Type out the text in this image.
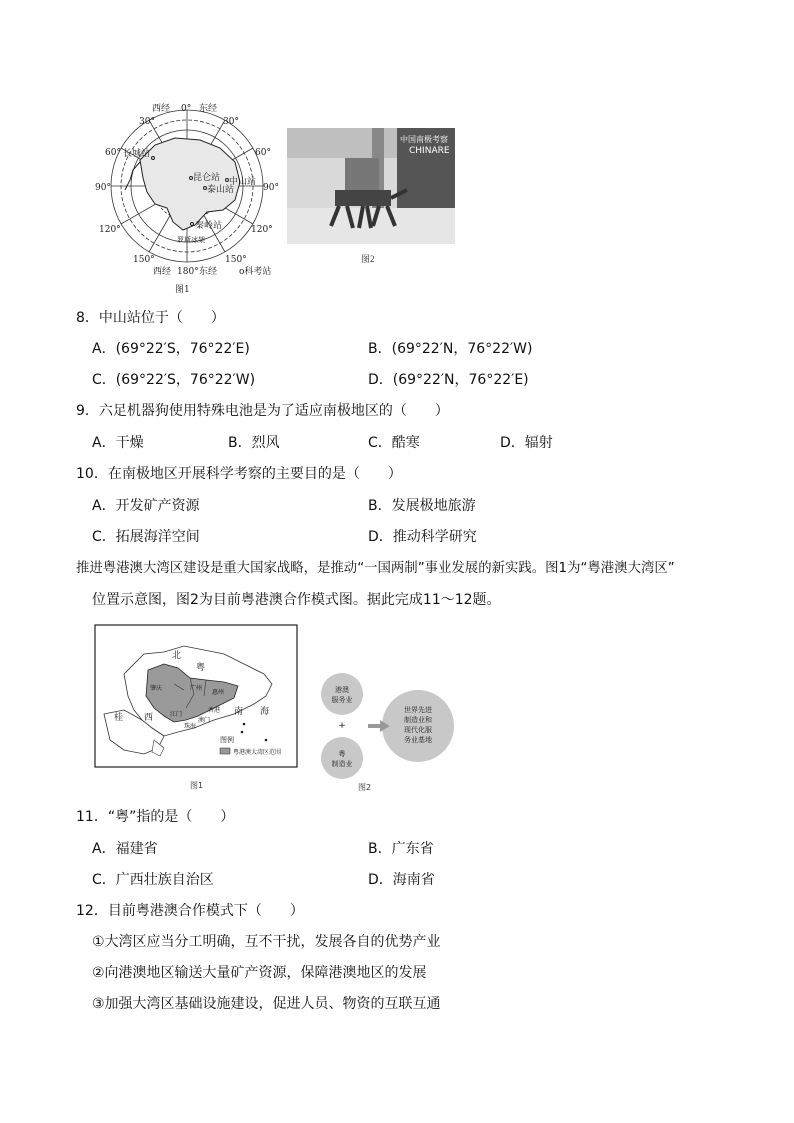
西经 0° 东经
30°	30°
60°	60°
90°	90°
120°	120°
150°	150°
西经 180° 东经
长城站
昆仑站 中山站
泰山站
秦岭站
罗斯冰架
o科考站
图1
中国南极考察
CHINARE
图2
8．中山站位于（　　）
A．(69°22′S，76°22′E)	B．(69°22′N，76°22′W)
C．(69°22′S，76°22′W)	D．(69°22′N，76°22′E)
9．六足机器狗使用特殊电池是为了适应南极地区的（　　）
A．干燥	B．烈风	C．酷寒	D．辐射
10．在南极地区开展科学考察的主要目的是（　　）
A．开发矿产资源	B．发展极地旅游
C．拓展海洋空间	D．推动科学研究
推进粤港澳大湾区建设是重大国家战略，是推动“一国两制”事业发展的新实践。图1为“粤港澳大湾区”
位置示意图，图2为目前粤港澳合作模式图。据此完成11～12题。
北
粤
桂 西
南 海
肇庆	广州
惠州
江门
香港
澳门
珠海
图例
粤港澳大湾区范围
图1
港澳
服务业
+
粤
制造业
世界先进
制造业和
现代化服
务业基地
图2
11．“粤”指的是（　　）
A．福建省	B．广东省
C．广西壮族自治区	D．海南省
12．目前粤港澳合作模式下（　　）
①大湾区应当分工明确，互不干扰，发展各自的优势产业
②向港澳地区输送大量矿产资源，保障港澳地区的发展
③加强大湾区基础设施建设，促进人员、物资的互联互通
